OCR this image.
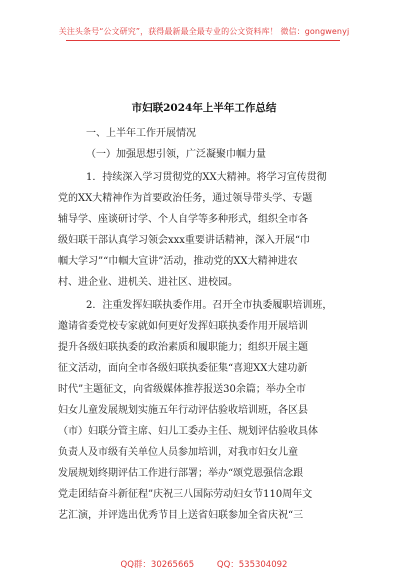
关注头条号“公文研究”，获得最新最全最专业的公文资料库！ 微信：gongwenyj
市妇联2024年上半年工作总结
一、上半年工作开展情况
（一）加强思想引领，广泛凝聚巾帼力量
1．持续深入学习贯彻党的XX大精神。将学习宣传贯彻
党的XX大精神作为首要政治任务，通过领导带头学、专题
辅导学、座谈研讨学、个人自学等多种形式，组织全市各
级妇联干部认真学习领会xxx重要讲话精神，深入开展“巾
帼大学习”“巾帼大宣讲”活动，推动党的XX大精神进农
村、进企业、进机关、进社区、进校园。
2．注重发挥妇联执委作用。召开全市执委履职培训班，
邀请省委党校专家就如何更好发挥妇联执委作用开展培训
提升各级妇联执委的政治素质和履职能力；组织开展主题
征文活动，面向全市各级妇联执委征集“喜迎XX大建功新
时代”主题征文，向省级媒体推荐报送30余篇；举办全市
妇女儿童发展规划实施五年行动评估验收培训班，各区县
（市）妇联分管主席、妇儿工委办主任、规划评估验收具体
负责人及市级有关单位人员参加培训，对我市妇女儿童
发展规划终期评估工作进行部署；举办“颂党恩强信念跟
党走团结奋斗新征程”庆祝三八国际劳动妇女节110周年文
艺汇演，并评选出优秀节目上送省妇联参加全省庆祝“三
QQ群：30265665	QQ：535304092
